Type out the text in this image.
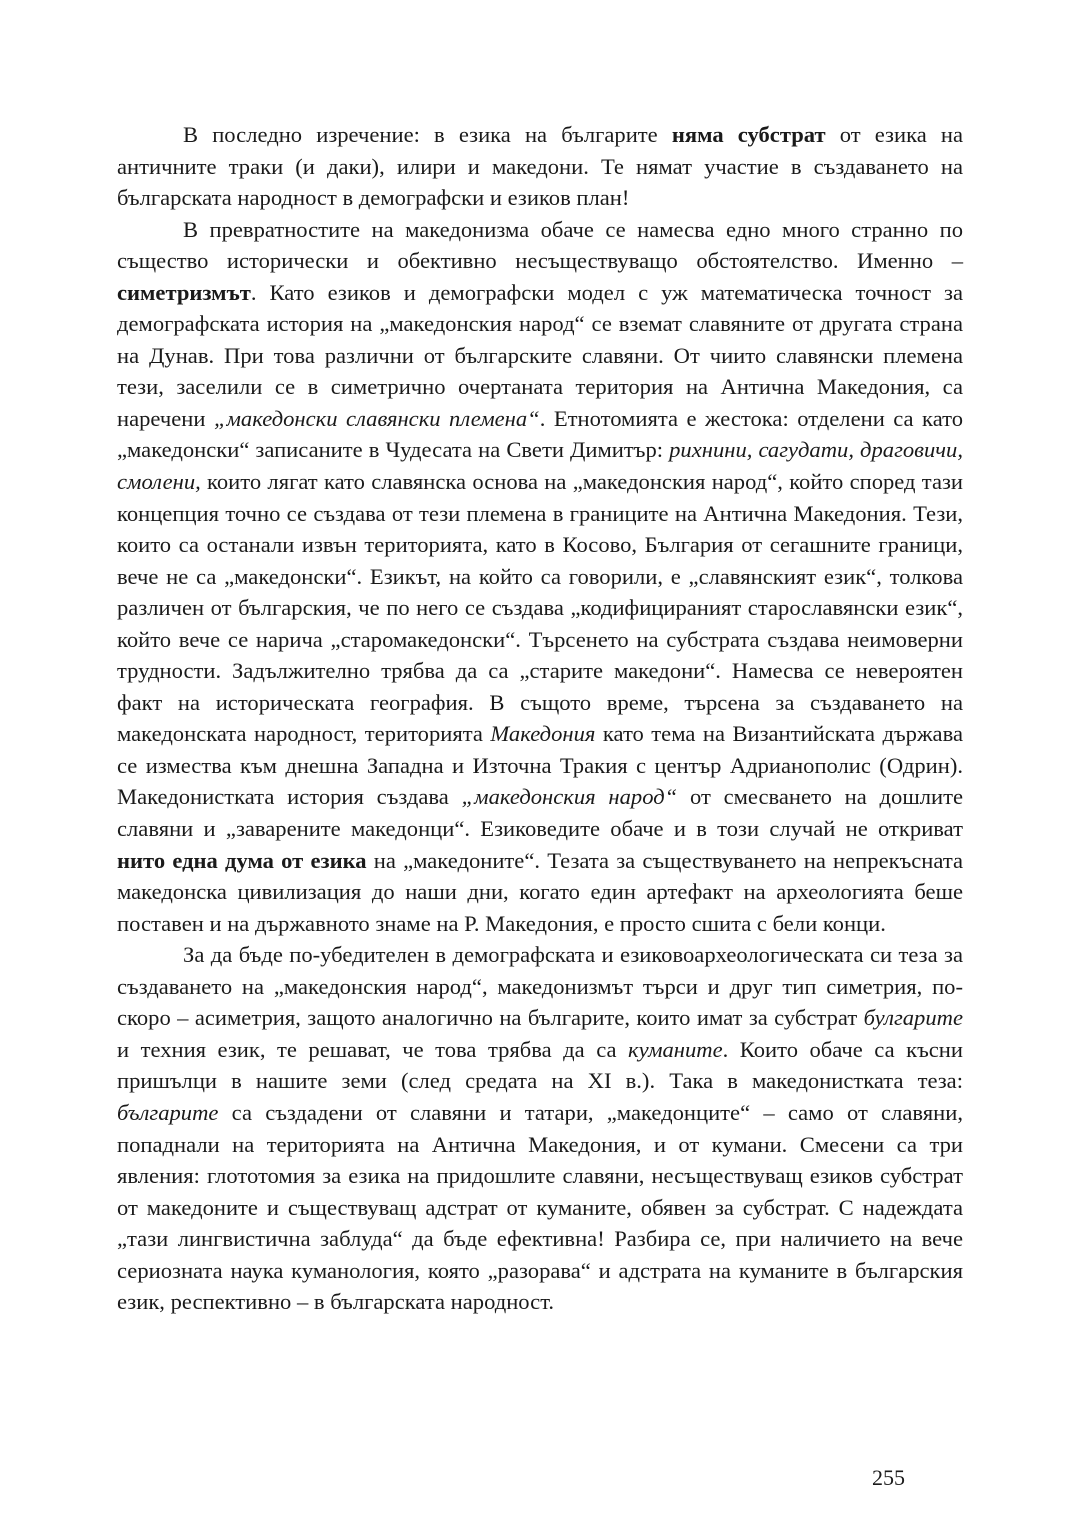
В последно изречение: в езика на българите няма субстрат от езика на античните траки (и даки), илири и македони. Те нямат участие в създаването на българската народност в демографски и езиков план!

В превратностите на македонизма обаче се намесва едно много странно по същество исторически и обективно несъществуващо обстоятелство. Именно – симетризмът. Като езиков и демографски модел с уж математическа точност за демографската история на „македонския народ“ се вземат славяните от другата страна на Дунав. При това различни от българските славяни. От чиито славянски племена тези, заселили се в симетрично очертаната територия на Антична Македония, са наречени „македонски славянски племена“. Етнотомията е жестока: отделени са като „македонски“ записаните в Чудесата на Свети Димитър: рихнини, сагудати, драговичи, смолени, които лягат като славянска основа на „македонския народ“, който според тази концепция точно се създава от тези племена в границите на Антична Македония. Тези, които са останали извън територията, като в Косово, България от сегашните граници, вече не са „македонски“. Езикът, на който са говорили, е „славянският език“, толкова различен от българския, че по него се създава „кодифицираният старославянски език“, който вече се нарича „старомакедонски“. Търсенето на субстрата създава неимоверни трудности. Задължително трябва да са „старите македони“. Намесва се невероятен факт на историческата география. В същото време, търсена за създаването на македонската народност, територията Македония като тема на Византийската държава се измества към днешна Западна и Източна Тракия с център Адрианополис (Одрин). Македонистката история създава „македонския народ“ от смесването на дошлите славяни и „заварените македонци“. Езиковедите обаче и в този случай не откриват нито една дума от езика на „македоните“. Тезата за съществуването на непрекъсната македонска цивилизация до наши дни, когато един артефакт на археологията беше поставен и на държавното знаме на Р. Македония, е просто сшита с бели конци.

За да бъде по-убедителен в демографската и езиковоархеологическата си теза за създаването на „македонския народ“, македонизмът търси и друг тип симетрия, по-скоро – асиметрия, защото аналогично на българите, които имат за субстрат булгарите и техния език, те решават, че това трябва да са куманите. Които обаче са късни пришълци в нашите земи (след средата на XI в.). Така в македонистката теза: българите са създадени от славяни и татари, „македонците“ – само от славяни, попаднали на територията на Антична Македония, и от кумани. Смесени са три явления: глототомия за езика на придошлите славяни, несъществуващ езиков субстрат от македоните и съществуващ адстрат от куманите, обявен за субстрат. С надеждата „тази лингвистична заблуда“ да бъде ефективна! Разбира се, при наличието на вече сериозната наука куманология, която „разорава“ и адстрата на куманите в българския език, респективно – в българската народност.

255
